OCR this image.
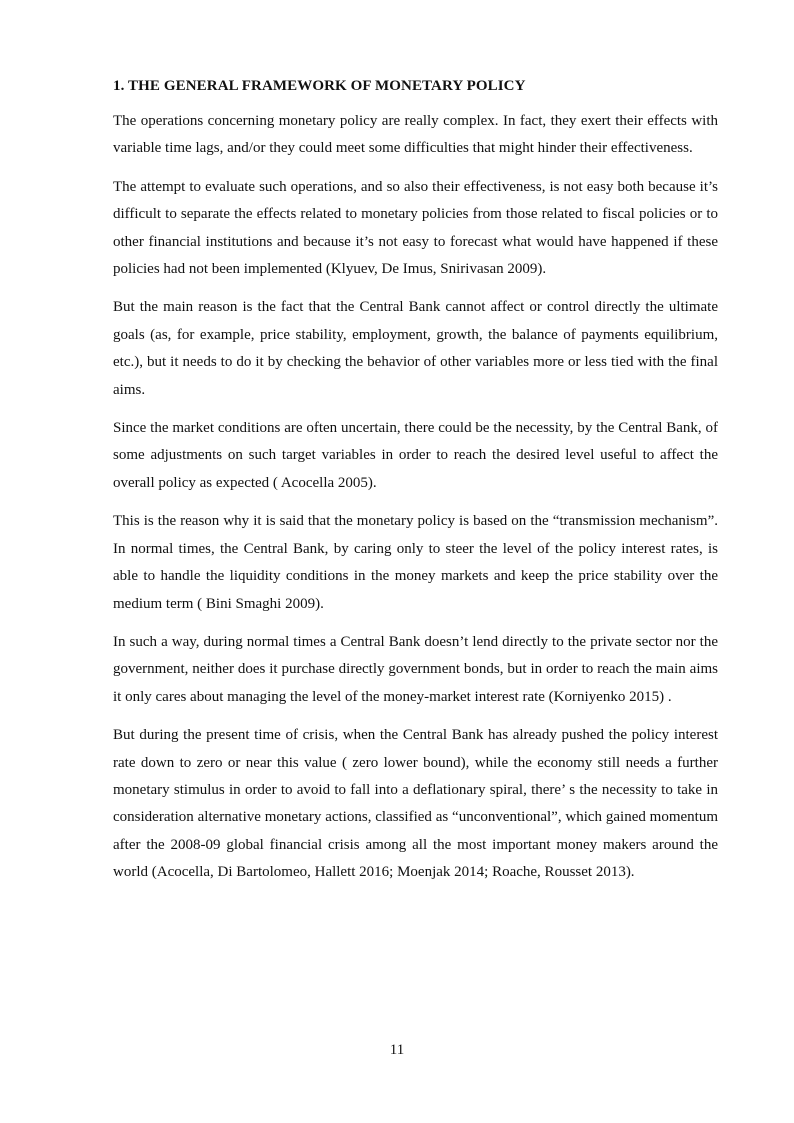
1. THE GENERAL FRAMEWORK OF MONETARY POLICY

The operations concerning monetary policy are really complex. In fact, they exert their effects with variable time lags, and/or they could meet some difficulties that might hinder their effectiveness.

The attempt to evaluate such operations, and so also their effectiveness, is not easy both because it’s difficult to separate the effects related to monetary policies from those related to fiscal policies or to other financial institutions and because it’s not easy to forecast what would have happened if these policies had not been implemented (Klyuev, De Imus, Snirivasan 2009).

But the main reason is the fact that the Central Bank cannot affect or control directly the ultimate goals (as, for example, price stability, employment, growth, the balance of payments equilibrium, etc.), but it needs to do it by checking the behavior of other variables more or less tied with the final aims.

Since the market conditions are often uncertain, there could be the necessity, by the Central Bank, of some adjustments on such target variables in order to reach the desired level useful to affect the overall policy as expected ( Acocella 2005).

This is the reason why it is said that the monetary policy is based on the “transmission mechanism”. In normal times, the Central Bank, by caring only to steer the level of the policy interest rates, is able to handle the liquidity conditions in the money markets and keep the price stability over the medium term ( Bini Smaghi 2009).

In such a way, during normal times a Central Bank doesn’t lend directly to the private sector nor the government, neither does it purchase directly government bonds, but in order to reach the main aims it only cares about managing the level of the money-market interest rate (Korniyenko 2015) .

But during the present time of crisis, when the Central Bank has already pushed the policy interest rate down to zero or near this value ( zero lower bound), while the economy still needs a further monetary stimulus in order to avoid to fall into a deflationary spiral, there’ s the necessity to take in consideration alternative monetary actions, classified as “unconventional”, which gained momentum after the 2008-09 global financial crisis among all the most important money makers around the world (Acocella, Di Bartolomeo, Hallett 2016; Moenjak 2014; Roache, Rousset 2013).

11
